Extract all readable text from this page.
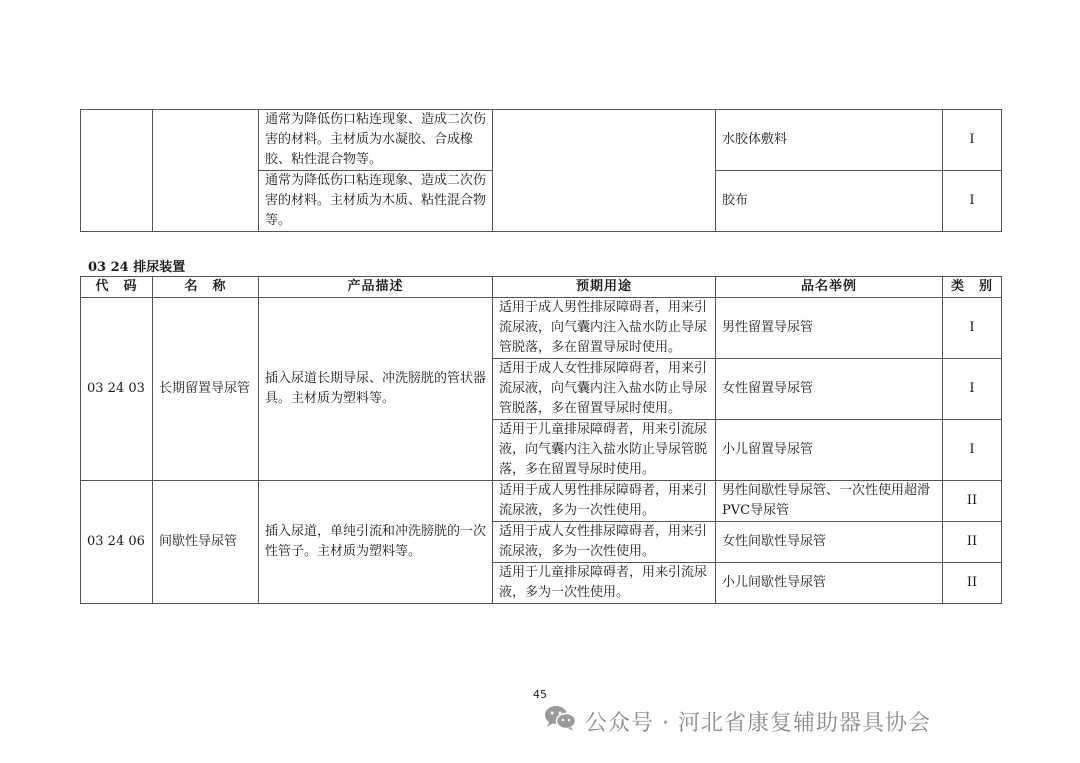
		通常为降低伤口粘连现象、造成二次伤害的材料。主材质为水凝胶、合成橡胶、粘性混合物等。		水胶体敷料	I
		通常为降低伤口粘连现象、造成二次伤害的材料。主材质为木质、粘性混合物等。		胶布	I
03 24 排尿装置
代　码	名　称	产品描述	预期用途	品名举例	类　别
03 24 03	长期留置导尿管	插入尿道长期导尿、冲洗膀胱的管状器具。主材质为塑料等。	适用于成人男性排尿障碍者，用来引流尿液，向气囊内注入盐水防止导尿管脱落，多在留置导尿时使用。	男性留置导尿管	I
			适用于成人女性排尿障碍者，用来引流尿液，向气囊内注入盐水防止导尿管脱落，多在留置导尿时使用。	女性留置导尿管	I
			适用于儿童排尿障碍者，用来引流尿液，向气囊内注入盐水防止导尿管脱落，多在留置导尿时使用。	小儿留置导尿管	I
03 24 06	间歇性导尿管	插入尿道，单纯引流和冲洗膀胱的一次性管子。主材质为塑料等。	适用于成人男性排尿障碍者，用来引流尿液，多为一次性使用。	男性间歇性导尿管、一次性使用超滑PVC导尿管	II
			适用于成人女性排尿障碍者，用来引流尿液，多为一次性使用。	女性间歇性导尿管	II
			适用于儿童排尿障碍者，用来引流尿液，多为一次性使用。	小儿间歇性导尿管	II
45
公众号 · 河北省康复辅助器具协会
